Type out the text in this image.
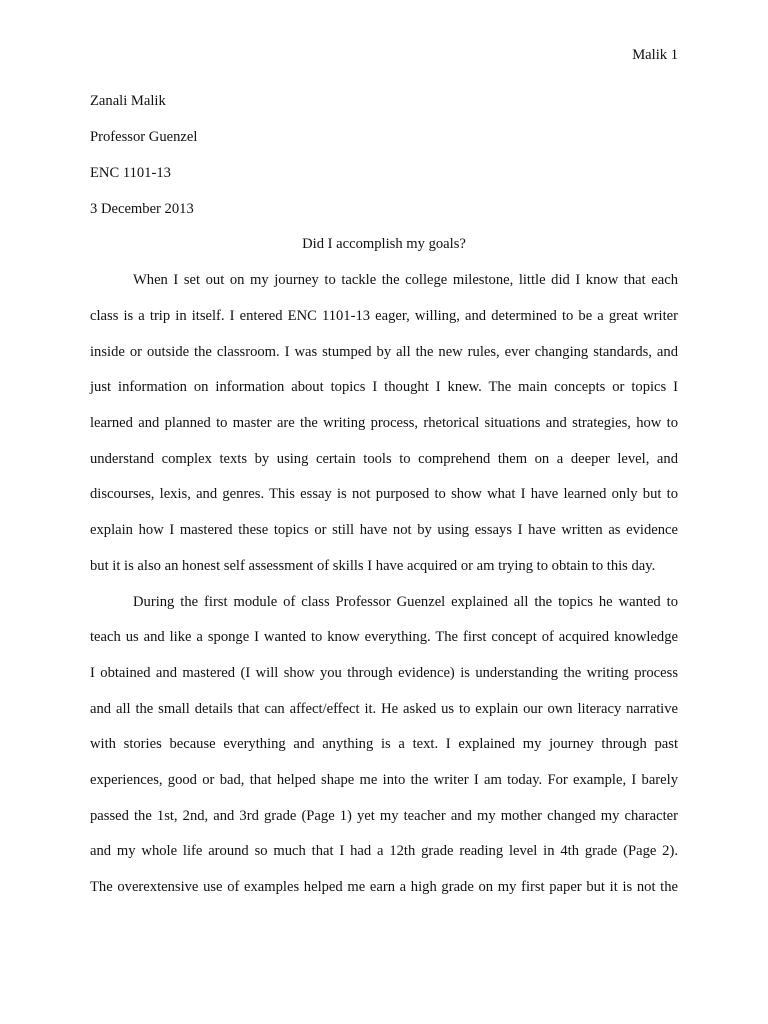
Malik 1
Zanali Malik
Professor Guenzel
ENC 1101-13
3 December 2013
Did I accomplish my goals?
When I set out on my journey to tackle the college milestone, little did I know that each
class is a trip in itself. I entered ENC 1101-13 eager, willing, and determined to be a great writer
inside or outside the classroom. I was stumped by all the new rules, ever changing standards, and
just information on information about topics I thought I knew. The main concepts or topics I
learned and planned to master are the writing process, rhetorical situations and strategies, how to
understand complex texts by using certain tools to comprehend them on a deeper level, and
discourses, lexis, and genres. This essay is not purposed to show what I have learned only but to
explain how I mastered these topics or still have not by using essays I have written as evidence
but it is also an honest self assessment of skills I have acquired or am trying to obtain to this day.
During the first module of class Professor Guenzel explained all the topics he wanted to
teach us and like a sponge I wanted to know everything. The first concept of acquired knowledge
I obtained and mastered (I will show you through evidence) is understanding the writing process
and all the small details that can affect/effect it. He asked us to explain our own literacy narrative
with stories because everything and anything is a text. I explained my journey through past
experiences, good or bad, that helped shape me into the writer I am today. For example, I barely
passed the 1st, 2nd, and 3rd grade (Page 1) yet my teacher and my mother changed my character
and my whole life around so much that I had a 12th grade reading level in 4th grade (Page 2).
The overextensive use of examples helped me earn a high grade on my first paper but it is not the
